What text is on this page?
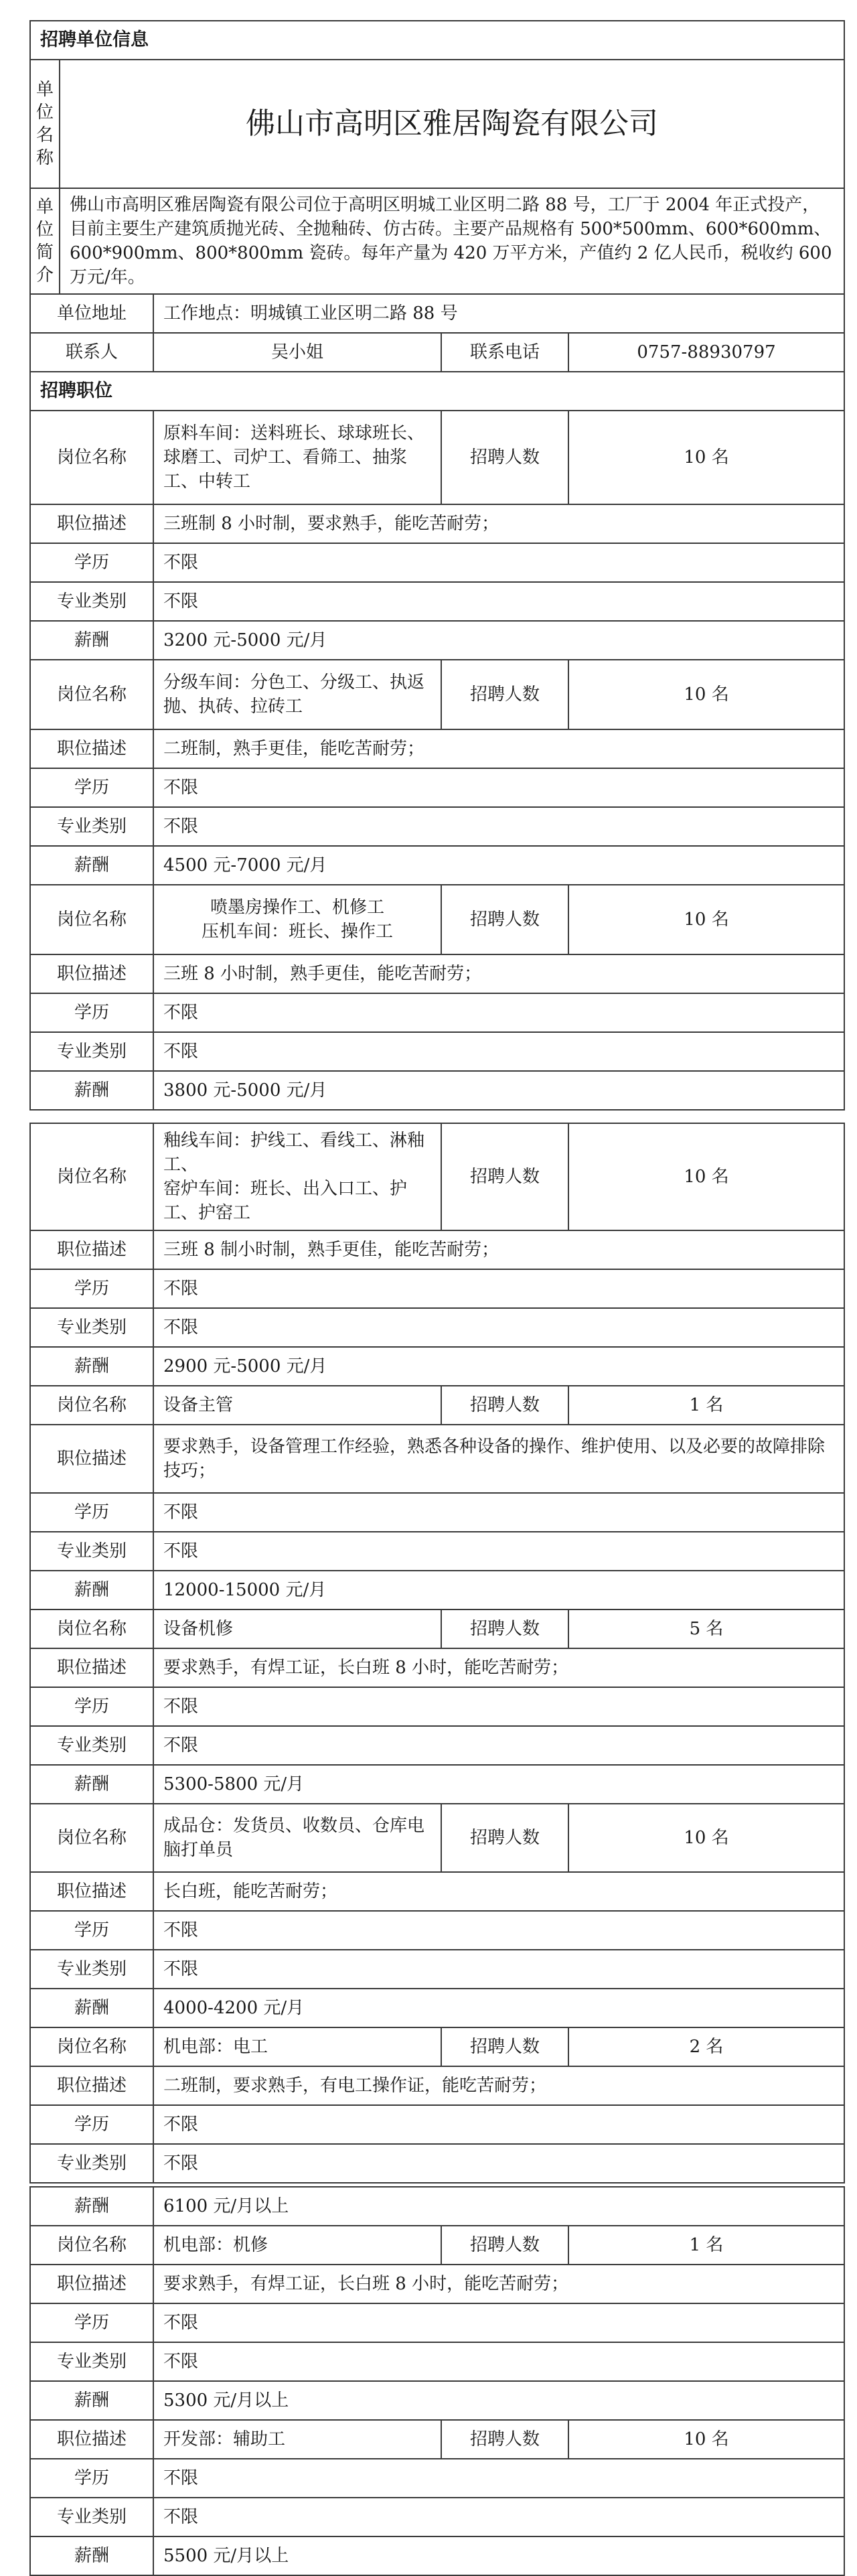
招聘单位信息				

单
位
名
称	佛山市高明区雅居陶瓷有限公司			

单
位
简
介	佛山市高明区雅居陶瓷有限公司位于高明区明城工业区明二路 88 号，工厂于 2004 年正式投产，目前主要生产建筑质抛光砖、全抛釉砖、仿古砖。主要产品规格有 500*500mm、600*600mm、600*900mm、800*800mm 瓷砖。每年产量为 420 万平方米，产值约 2 亿人民币，税收约 600 万元/年。			
单位地址		工作地点：明城镇工业区明二路 88 号		
联系人		吴小姐	联系电话	0757-88930797
招聘职位				
岗位名称		原料车间：送料班长、球球班长、球磨工、司炉工、看筛工、抽浆工、中转工	招聘人数	10 名
职位描述		三班制 8 小时制，要求熟手，能吃苦耐劳；		
学历		不限		
专业类别		不限		
薪酬		3200 元-5000 元/月		
岗位名称		分级车间：分色工、分级工、执返抛、执砖、拉砖工	招聘人数	10 名
职位描述		二班制，熟手更佳，能吃苦耐劳；		
学历		不限		
专业类别		不限		
薪酬		4500 元-7000 元/月		
岗位名称		喷墨房操作工、机修工
压机车间：班长、操作工	招聘人数	10 名
职位描述		三班 8 小时制，熟手更佳，能吃苦耐劳；		
学历		不限		
专业类别		不限		
薪酬		3800 元-5000 元/月		
岗位名称	釉线车间：护线工、看线工、淋釉工、
窑炉车间：班长、出入口工、护工、护窑工	招聘人数	10 名
职位描述	三班 8 制小时制，熟手更佳，能吃苦耐劳；		
学历	不限		
专业类别	不限		
薪酬	2900 元-5000 元/月		
岗位名称	设备主管	招聘人数	1 名
职位描述	要求熟手，设备管理工作经验，熟悉各种设备的操作、维护使用、以及必要的故障排除技巧；		
学历	不限		
专业类别	不限		
薪酬	12000-15000 元/月		
岗位名称	设备机修	招聘人数	5 名
职位描述	要求熟手，有焊工证，长白班 8 小时，能吃苦耐劳；		
学历	不限		
专业类别	不限		
薪酬	5300-5800 元/月		
岗位名称	成品仓：发货员、收数员、仓库电脑打单员	招聘人数	10 名
职位描述	长白班，能吃苦耐劳；		
学历	不限		
专业类别	不限		
薪酬	4000-4200 元/月		
岗位名称	机电部：电工	招聘人数	2 名
职位描述	二班制，要求熟手，有电工操作证，能吃苦耐劳；		
学历	不限		
专业类别	不限		
薪酬	6100 元/月以上		
岗位名称	机电部：机修	招聘人数	1 名
职位描述	要求熟手，有焊工证，长白班 8 小时，能吃苦耐劳；		
学历	不限		
专业类别	不限		
薪酬	5300 元/月以上		
职位描述	开发部：辅助工	招聘人数	10 名
学历	不限		
专业类别	不限		
薪酬	5500 元/月以上		
